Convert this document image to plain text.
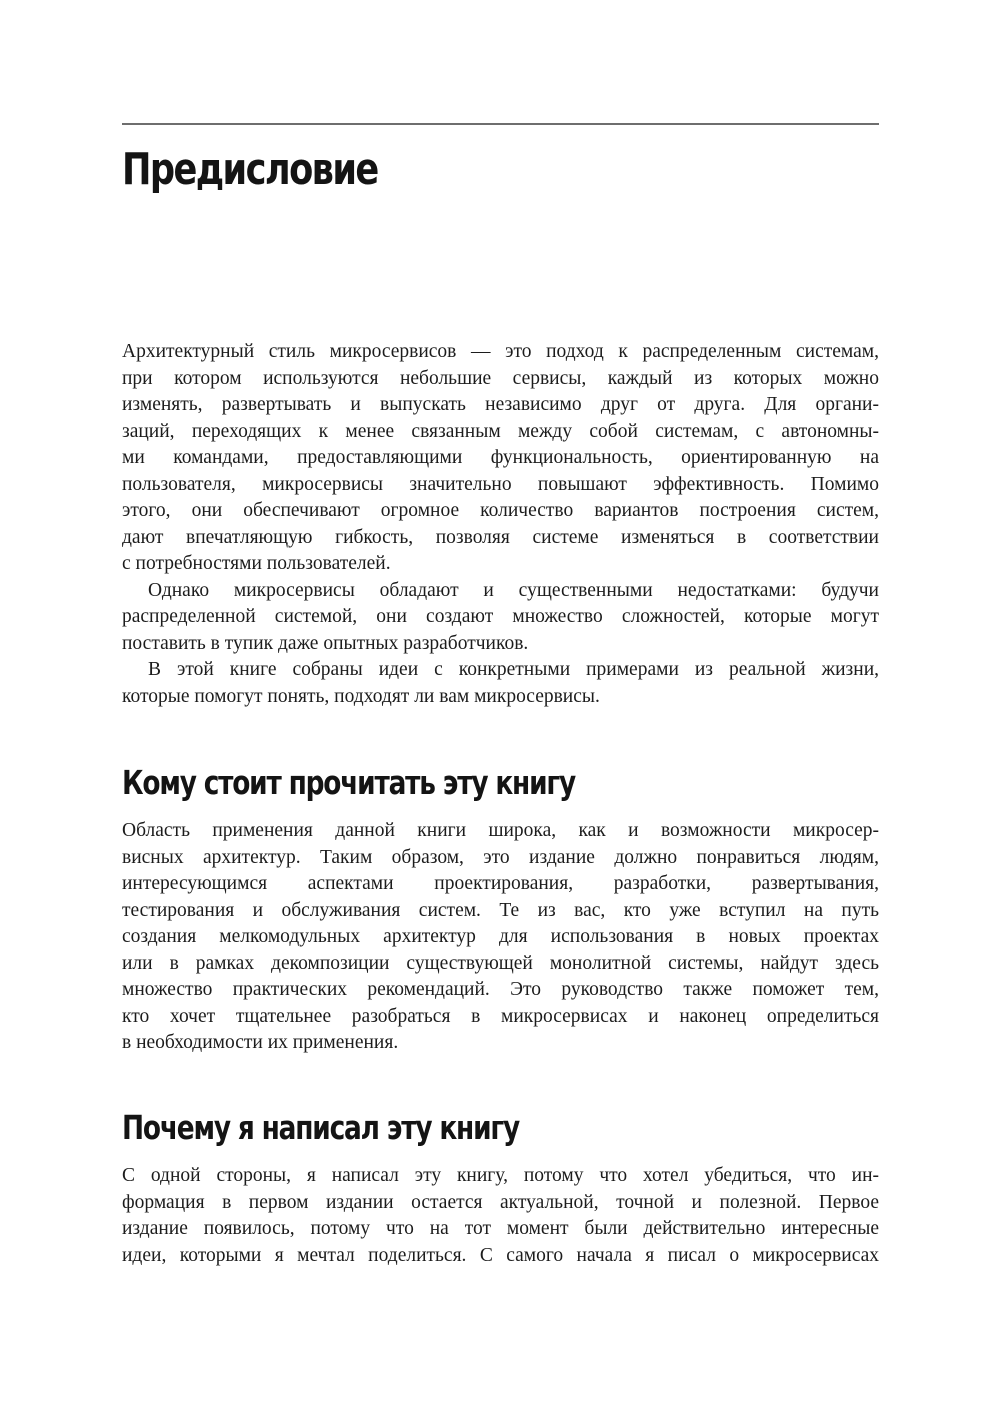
Предисловие
Архитектурный стиль микросервисов — это подход к распределенным системам,
при котором используются небольшие сервисы, каждый из которых можно
изменять, развертывать и выпускать независимо друг от друга. Для органи-
заций, переходящих к менее связанным между собой системам, с автономны-
ми командами, предоставляющими функциональность, ориентированную на
пользователя, микросервисы значительно повышают эффективность. Помимо
этого, они обеспечивают огромное количество вариантов построения систем,
дают впечатляющую гибкость, позволяя системе изменяться в соответствии
с потребностями пользователей.
Однако микросервисы обладают и существенными недостатками: будучи
распределенной системой, они создают множество сложностей, которые могут
поставить в тупик даже опытных разработчиков.
В этой книге собраны идеи с конкретными примерами из реальной жизни,
которые помогут понять, подходят ли вам микросервисы.
Кому стоит прочитать эту книгу
Область применения данной книги широка, как и возможности микросер-
висных архитектур. Таким образом, это издание должно понравиться людям,
интересующимся аспектами проектирования, разработки, развертывания,
тестирования и обслуживания систем. Те из вас, кто уже вступил на путь
создания мелкомодульных архитектур для использования в новых проектах
или в рамках декомпозиции существующей монолитной системы, найдут здесь
множество практических рекомендаций. Это руководство также поможет тем,
кто хочет тщательнее разобраться в микросервисах и наконец определиться
в необходимости их применения.
Почему я написал эту книгу
С одной стороны, я написал эту книгу, потому что хотел убедиться, что ин-
формация в первом издании остается актуальной, точной и полезной. Первое
издание появилось, потому что на тот момент были действительно интересные
идеи, которыми я мечтал поделиться. С самого начала я писал о микросервисах
